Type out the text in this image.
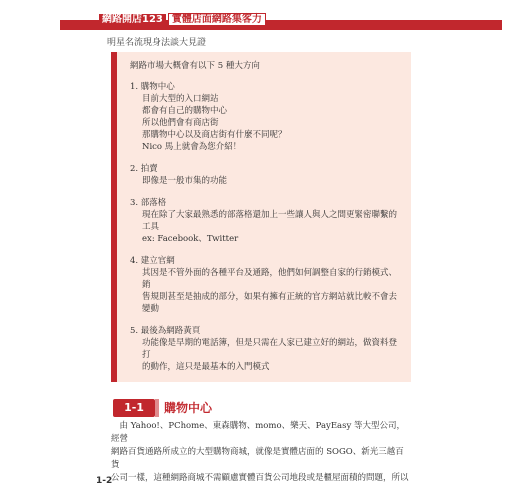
網路開店123 實體店面網路集客力
明星名流現身法談大見證

網路市場大概會有以下 5 種大方向

1. 購物中心

目前大型的入口網站

都會有自己的購物中心

所以他們會有商店街

那購物中心以及商店街有什麼不同呢？

Nico 馬上就會為您介紹！

2. 拍賣

即像是一般市集的功能

3. 部落格

現在除了大家最熟悉的部落格還加上一些讓人與人之間更緊密聯繫的

工具

ex: Facebook、Twitter

4. 建立官網

其因是不管外面的各種平台及通路，他們如何調整自家的行銷模式、銷

售規則甚至是抽成的部分，如果有擁有正統的官方網站就比較不會去

變動

5. 最後為網路黃頁

功能像是早期的電話簿，但是只需在人家已建立好的網站，做資料登打

的動作，這只是最基本的入門模式

1-1	購物中心

由 Yahoo!、PChome、東森購物、momo、樂天、PayEasy 等大型公司，經營

網路百貨通路所成立的大型購物商城，就像是實體店面的 SOGO、新光三越百貨

公司一樣，這種網路商城不需顧慮實體百貨公司地段或是櫃屋面積的問題，所以

1-2
